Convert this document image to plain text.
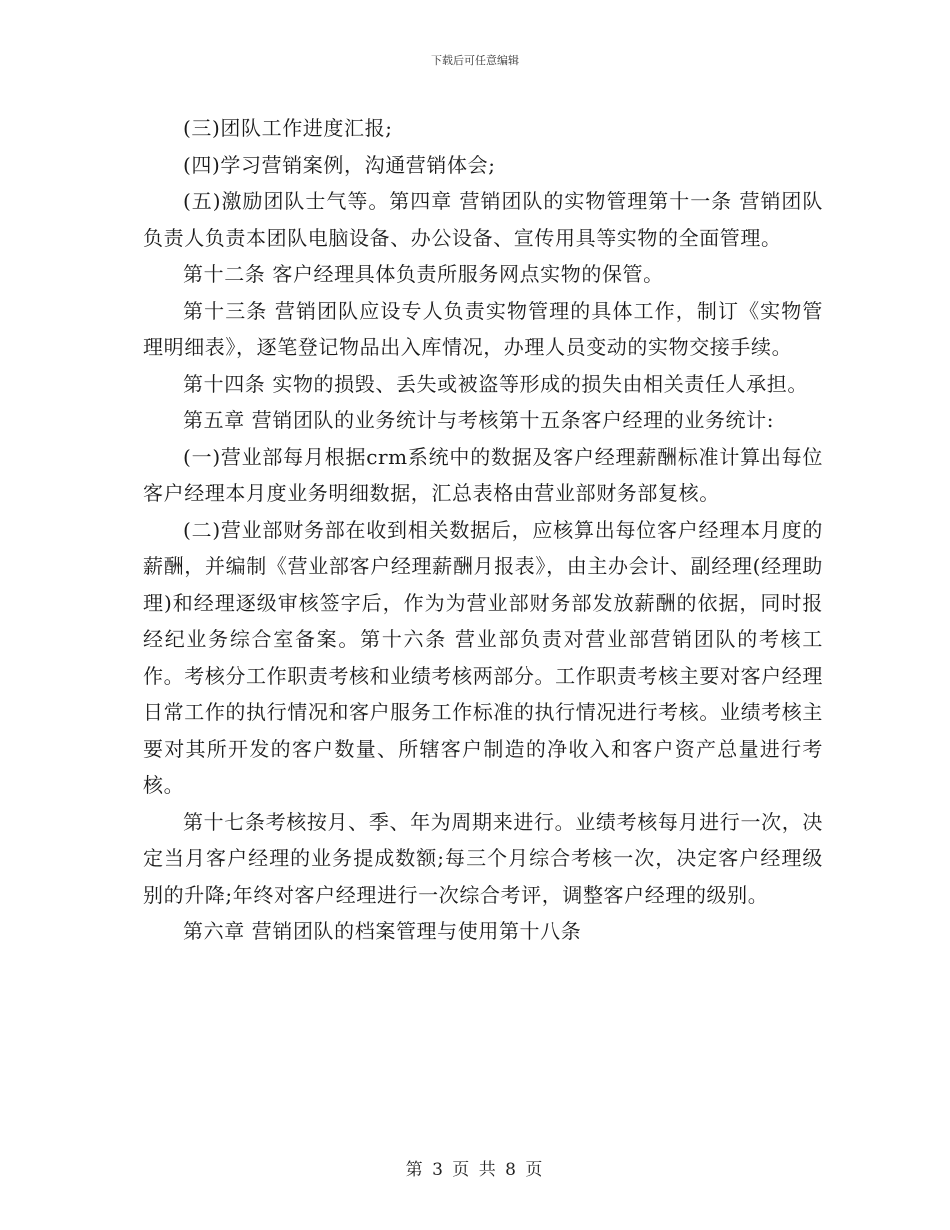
下载后可任意编辑

(三)团队工作进度汇报;

(四)学习营销案例，沟通营销体会;

(五)激励团队士气等。第四章 营销团队的实物管理第十一条 营销团队负责人负责本团队电脑设备、办公设备、宣传用具等实物的全面管理。

第十二条 客户经理具体负责所服务网点实物的保管。

第十三条 营销团队应设专人负责实物管理的具体工作，制订《实物管理明细表》，逐笔登记物品出入库情况，办理人员变动的实物交接手续。

第十四条 实物的损毁、丢失或被盗等形成的损失由相关责任人承担。

第五章 营销团队的业务统计与考核第十五条客户经理的业务统计:

(一)营业部每月根据crm系统中的数据及客户经理薪酬标准计算出每位客户经理本月度业务明细数据，汇总表格由营业部财务部复核。

(二)营业部财务部在收到相关数据后，应核算出每位客户经理本月度的薪酬，并编制《营业部客户经理薪酬月报表》，由主办会计、副经理(经理助理)和经理逐级审核签字后，作为为营业部财务部发放薪酬的依据，同时报经纪业务综合室备案。第十六条 营业部负责对营业部营销团队的考核工作。考核分工作职责考核和业绩考核两部分。工作职责考核主要对客户经理日常工作的执行情况和客户服务工作标准的执行情况进行考核。业绩考核主要对其所开发的客户数量、所辖客户制造的净收入和客户资产总量进行考核。

第十七条考核按月、季、年为周期来进行。业绩考核每月进行一次，决定当月客户经理的业务提成数额;每三个月综合考核一次，决定客户经理级别的升降;年终对客户经理进行一次综合考评，调整客户经理的级别。

第六章 营销团队的档案管理与使用第十八条

第 3 页 共 8 页
